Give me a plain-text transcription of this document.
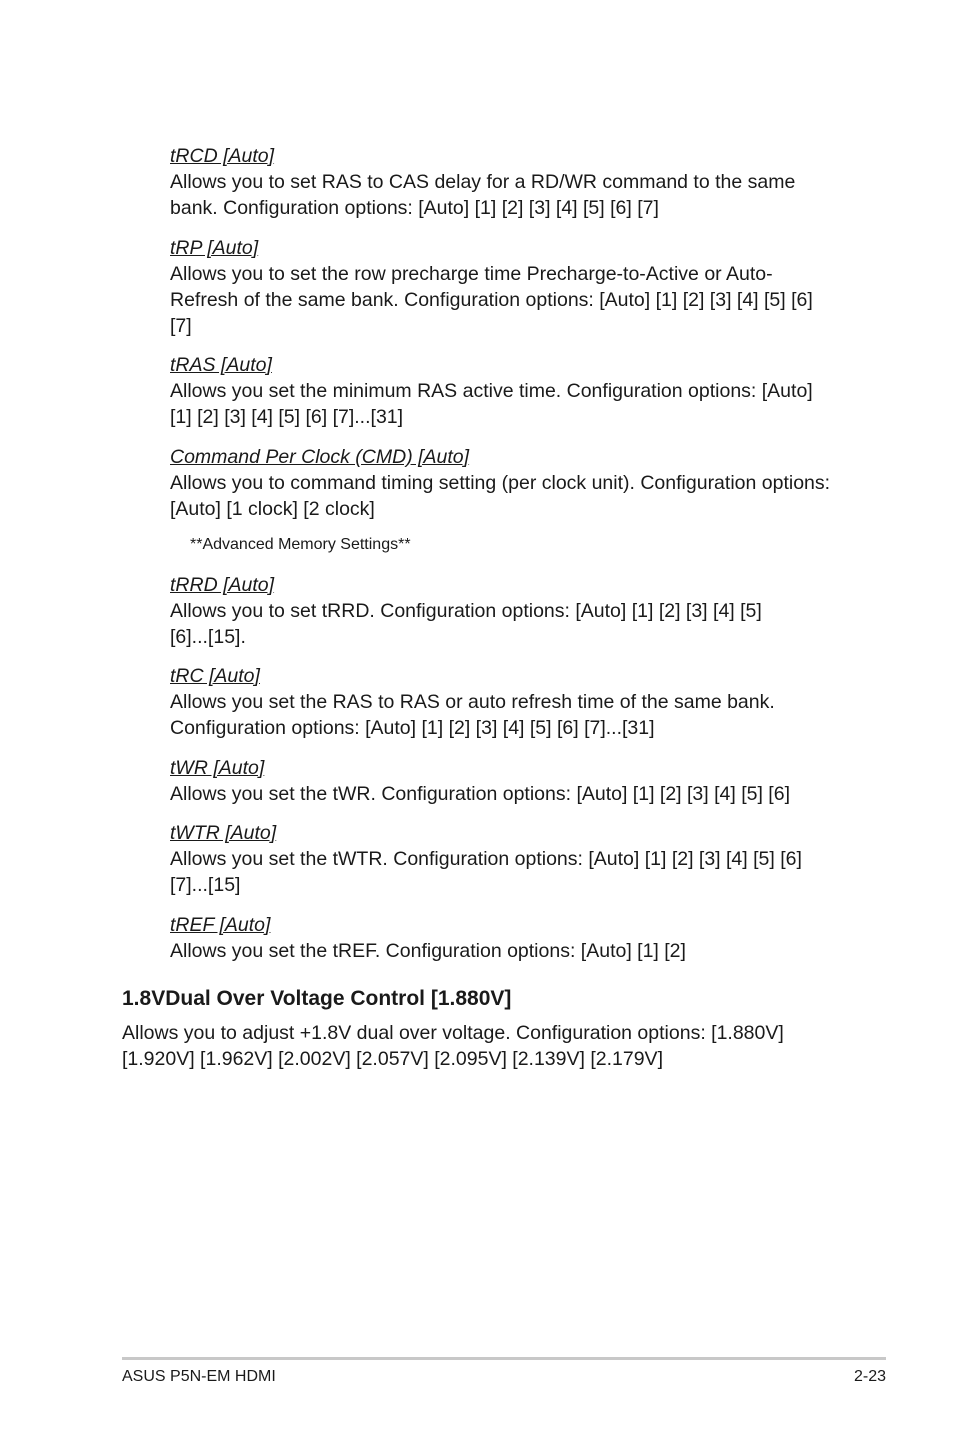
tRCD [Auto]

Allows you to set RAS to CAS delay for a RD/WR command to the same bank. Configuration options: [Auto] [1] [2] [3] [4] [5] [6] [7]

tRP [Auto]

Allows you to set the row precharge time Precharge-to-Active or Auto-Refresh of the same bank. Configuration options: [Auto] [1] [2] [3] [4] [5] [6] [7]

tRAS [Auto]

Allows you set the minimum RAS active time. Configuration options: [Auto] [1] [2] [3] [4] [5] [6] [7]...[31]

Command Per Clock (CMD) [Auto]

Allows you to command timing setting (per clock unit). Configuration options: [Auto] [1 clock] [2 clock]

**Advanced Memory Settings**

tRRD [Auto]

Allows you to set tRRD. Configuration options: [Auto] [1] [2] [3] [4] [5] [6]...[15].

tRC [Auto]

Allows you set the RAS to RAS or auto refresh time of the same bank. Configuration options: [Auto] [1] [2] [3] [4] [5] [6] [7]...[31]

tWR [Auto]

Allows you set the tWR. Configuration options: [Auto] [1] [2] [3] [4] [5] [6]

tWTR [Auto]

Allows you set the tWTR. Configuration options: [Auto] [1] [2] [3] [4] [5] [6] [7]...[15]

tREF [Auto]

Allows you set the tREF. Configuration options: [Auto] [1] [2]

1.8VDual Over Voltage Control [1.880V]

Allows you to adjust +1.8V dual over voltage. Configuration options: [1.880V] [1.920V] [1.962V] [2.002V] [2.057V] [2.095V] [2.139V] [2.179V]

ASUS P5N-EM HDMI	2-23
